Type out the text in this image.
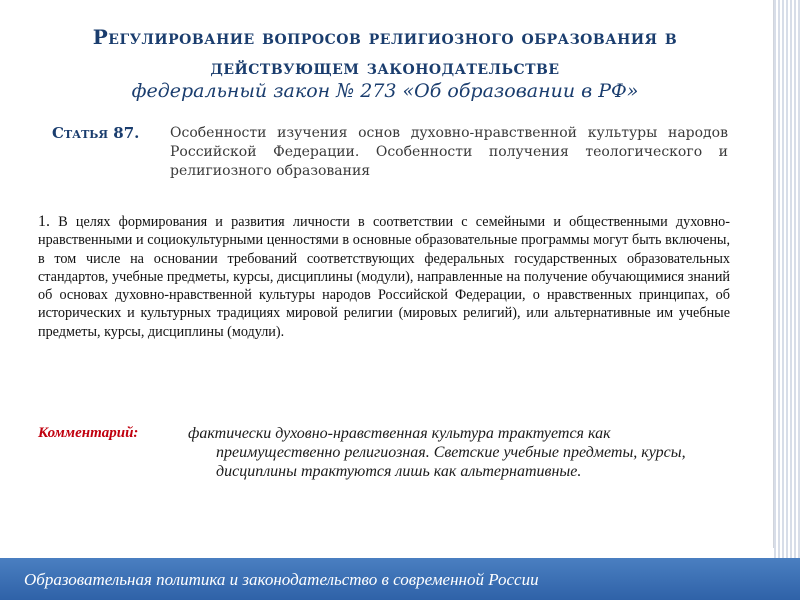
Регулирование вопросов религиозного образования в действующем законодательстве
федеральный закон № 273 «Об образовании в РФ»
Статья 87.	Особенности изучения основ духовно-нравственной культуры народов Российской Федерации. Особенности получения теологического и религиозного образования
1. В целях формирования и развития личности в соответствии с семейными и общественными духовно-нравственными и социокультурными ценностями в основные образовательные программы могут быть включены, в том числе на основании требований соответствующих федеральных государственных образовательных стандартов, учебные предметы, курсы, дисциплины (модули), направленные на получение обучающимися знаний об основах духовно-нравственной культуры народов Российской Федерации, о нравственных принципах, об исторических и культурных традициях мировой религии (мировых религий), или альтернативные им учебные предметы, курсы, дисциплины (модули).
Комментарий:	фактически духовно-нравственная культура трактуется как
преимущественно религиозная. Светские учебные предметы, курсы, дисциплины трактуются лишь как альтернативные.
Образовательная политика и законодательство в современной России
